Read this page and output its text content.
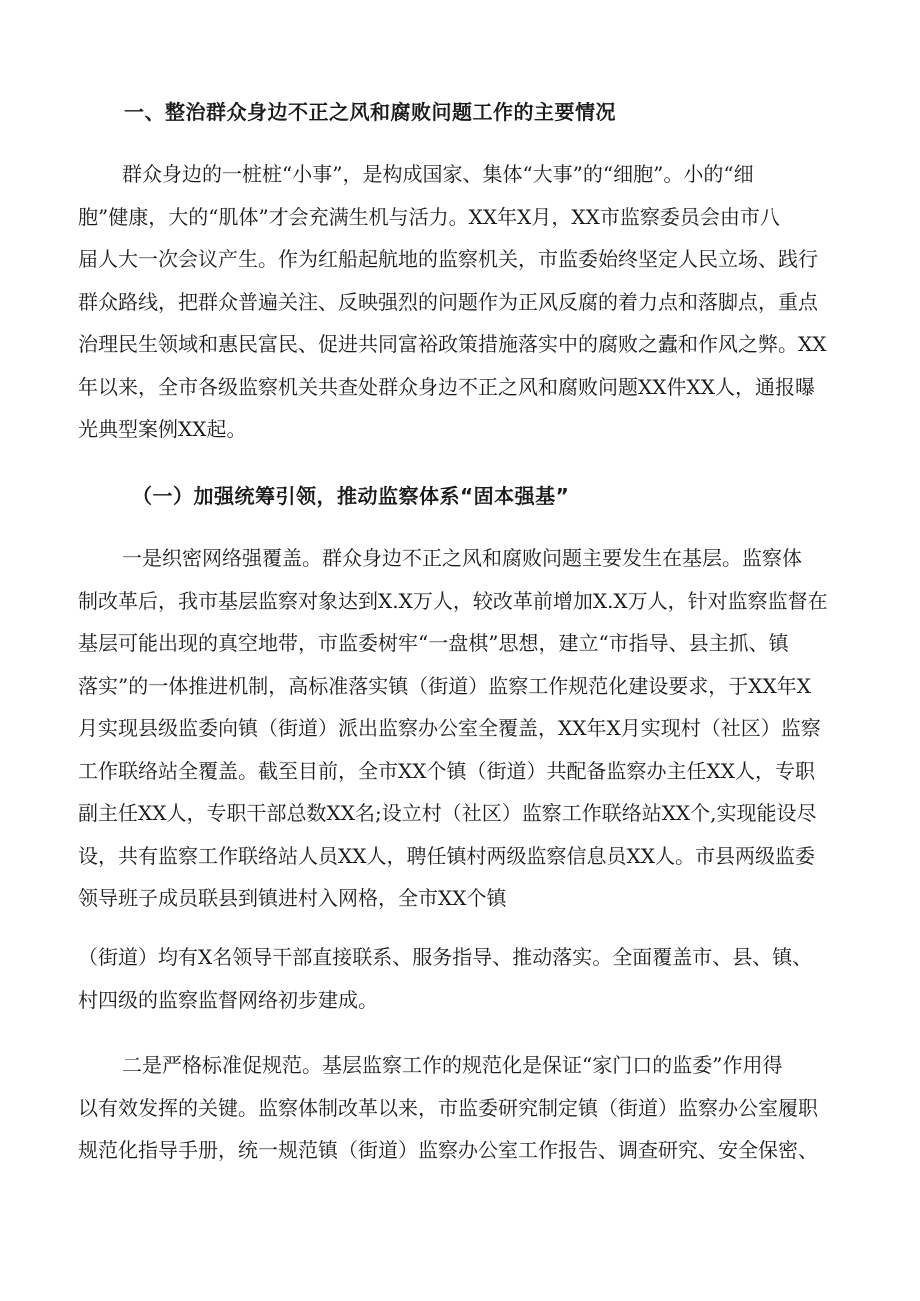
一、整治群众身边不正之风和腐败问题工作的主要情况
群众身边的一桩桩“小事”，是构成国家、集体“大事”的“细胞”。小的“细
胞”健康，大的“肌体”才会充满生机与活力。XX年X月，XX市监察委员会由市八
届人大一次会议产生。作为红船起航地的监察机关，市监委始终坚定人民立场、践行
群众路线，把群众普遍关注、反映强烈的问题作为正风反腐的着力点和落脚点，重点
治理民生领域和惠民富民、促进共同富裕政策措施落实中的腐败之蠹和作风之弊。XX
年以来，全市各级监察机关共查处群众身边不正之风和腐败问题XX件XX人，通报曝
光典型案例XX起。
（一）加强统筹引领，推动监察体系“固本强基”
一是织密网络强覆盖。群众身边不正之风和腐败问题主要发生在基层。监察体
制改革后，我市基层监察对象达到X.X万人，较改革前增加X.X万人，针对监察监督在
基层可能出现的真空地带，市监委树牢“一盘棋”思想，建立“市指导、县主抓、镇
落实”的一体推进机制，高标准落实镇（街道）监察工作规范化建设要求，于XX年X
月实现县级监委向镇（街道）派出监察办公室全覆盖，XX年X月实现村（社区）监察
工作联络站全覆盖。截至目前，全市XX个镇（街道）共配备监察办主任XX人，专职
副主任XX人，专职干部总数XX名;设立村（社区）监察工作联络站XX个,实现能设尽
设，共有监察工作联络站人员XX人，聘任镇村两级监察信息员XX人。市县两级监委
领导班子成员联县到镇进村入网格，全市XX个镇
（街道）均有X名领导干部直接联系、服务指导、推动落实。全面覆盖市、县、镇、
村四级的监察监督网络初步建成。
二是严格标准促规范。基层监察工作的规范化是保证“家门口的监委”作用得
以有效发挥的关键。监察体制改革以来，市监委研究制定镇（街道）监察办公室履职
规范化指导手册，统一规范镇（街道）监察办公室工作报告、调查研究、安全保密、
